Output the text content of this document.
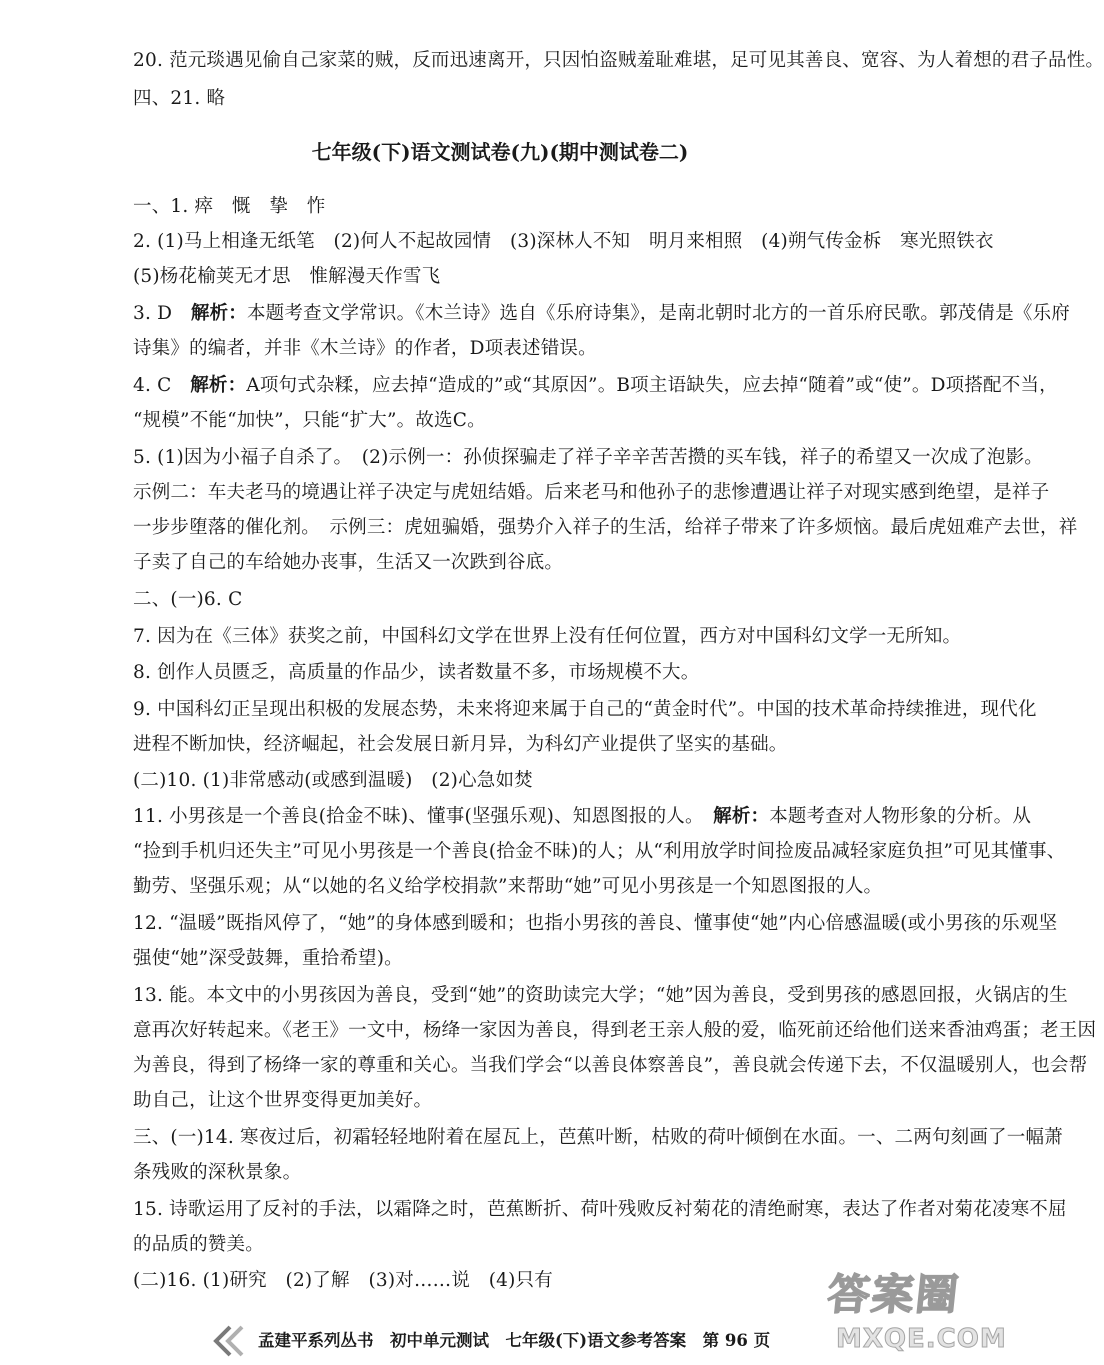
20. 范元琰遇见偷自己家菜的贼，反而迅速离开，只因怕盗贼羞耻难堪，足可见其善良、宽容、为人着想的君子品性。

四、21. 略

七年级(下)语文测试卷(九)(期中测试卷二)

一、1. 瘁　慨　挚　怍

2. (1)马上相逢无纸笔　(2)何人不起故园情　(3)深林人不知　明月来相照　(4)朔气传金柝　寒光照铁衣

(5)杨花榆荚无才思　惟解漫天作雪飞

3. D　解析：本题考查文学常识。《木兰诗》选自《乐府诗集》，是南北朝时北方的一首乐府民歌。郭茂倩是《乐府

诗集》的编者，并非《木兰诗》的作者，D项表述错误。

4. C　解析：A项句式杂糅，应去掉“造成的”或“其原因”。B项主语缺失，应去掉“随着”或“使”。D项搭配不当，

“规模”不能“加快”，只能“扩大”。故选C。

5. (1)因为小福子自杀了。　(2)示例一：孙侦探骗走了祥子辛辛苦苦攒的买车钱，祥子的希望又一次成了泡影。

示例二：车夫老马的境遇让祥子决定与虎妞结婚。后来老马和他孙子的悲惨遭遇让祥子对现实感到绝望，是祥子

一步步堕落的催化剂。　示例三：虎妞骗婚，强势介入祥子的生活，给祥子带来了许多烦恼。最后虎妞难产去世，祥

子卖了自己的车给她办丧事，生活又一次跌到谷底。

二、(一)6. C

7. 因为在《三体》获奖之前，中国科幻文学在世界上没有任何位置，西方对中国科幻文学一无所知。

8. 创作人员匮乏，高质量的作品少，读者数量不多，市场规模不大。

9. 中国科幻正呈现出积极的发展态势，未来将迎来属于自己的“黄金时代”。中国的技术革命持续推进，现代化

进程不断加快，经济崛起，社会发展日新月异，为科幻产业提供了坚实的基础。

(二)10. (1)非常感动(或感到温暖)　(2)心急如焚

11. 小男孩是一个善良(拾金不昧)、懂事(坚强乐观)、知恩图报的人。　解析：本题考查对人物形象的分析。从

“捡到手机归还失主”可见小男孩是一个善良(拾金不昧)的人；从“利用放学时间捡废品减轻家庭负担”可见其懂事、

勤劳、坚强乐观；从“以她的名义给学校捐款”来帮助“她”可见小男孩是一个知恩图报的人。

12. “温暖”既指风停了，“她”的身体感到暖和；也指小男孩的善良、懂事使“她”内心倍感温暖(或小男孩的乐观坚

强使“她”深受鼓舞，重拾希望)。

13. 能。本文中的小男孩因为善良，受到“她”的资助读完大学；“她”因为善良，受到男孩的感恩回报，火锅店的生

意再次好转起来。《老王》一文中，杨绛一家因为善良，得到老王亲人般的爱，临死前还给他们送来香油鸡蛋；老王因

为善良，得到了杨绛一家的尊重和关心。当我们学会“以善良体察善良”，善良就会传递下去，不仅温暖别人，也会帮

助自己，让这个世界变得更加美好。

三、(一)14. 寒夜过后，初霜轻轻地附着在屋瓦上，芭蕉叶断，枯败的荷叶倾倒在水面。一、二两句刻画了一幅萧

条残败的深秋景象。

15. 诗歌运用了反衬的手法，以霜降之时，芭蕉断折、荷叶残败反衬菊花的清绝耐寒，表达了作者对菊花凌寒不屈

的品质的赞美。

(二)16. (1)研究　(2)了解　(3)对……说　(4)只有

孟建平系列丛书　初中单元测试　七年级(下)语文参考答案　第 96 页
答案圈
MXQE.COM
